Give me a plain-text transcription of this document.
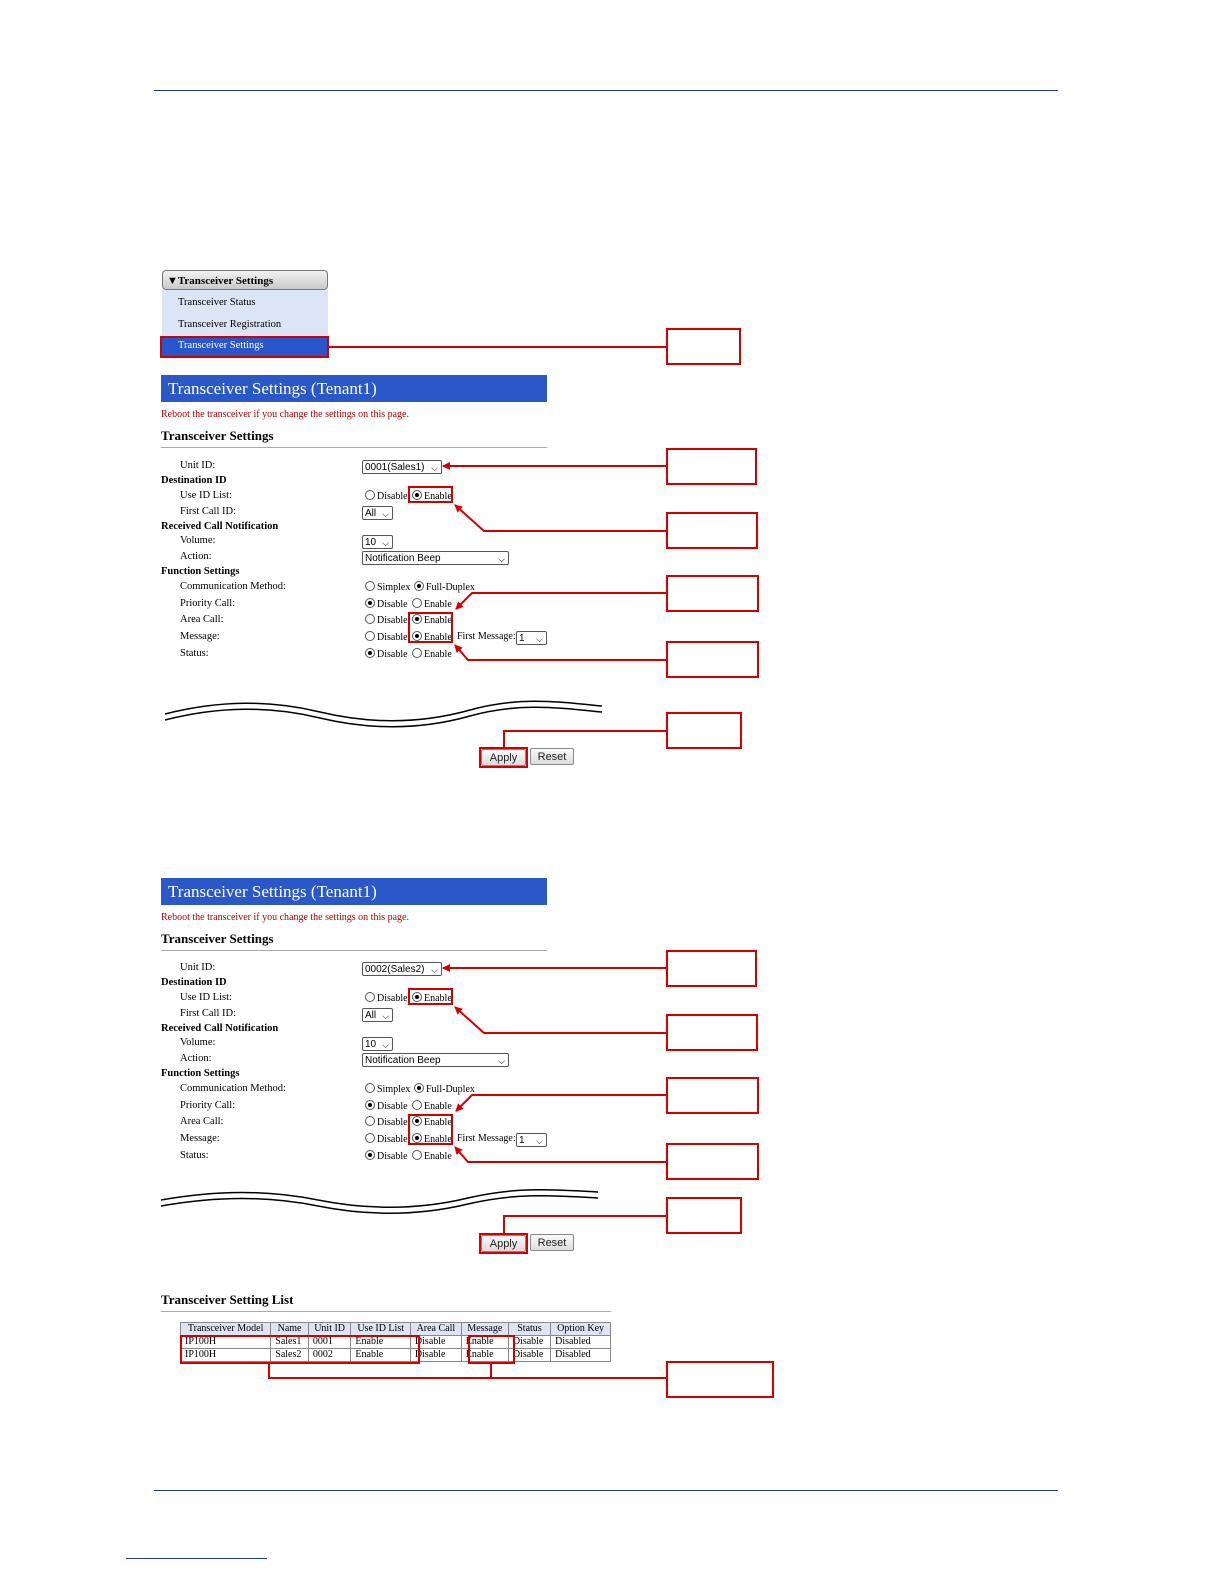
▼Transceiver Settings
Transceiver Status
Transceiver Registration
Transceiver Settings
Transceiver Settings (Tenant1)
Reboot the transceiver if you change the settings on this page.
Transceiver Settings
Unit ID:	0001(Sales1) ⌵
Destination ID
Use ID List:	Disable	Enable
First Call ID:	All ⌵
Received Call Notification
Volume:	10 ⌵
Action:	Notification Beep	⌵
Function Settings
Communication Method:	Simplex	Full-Duplex
Priority Call:	Disable	Enable
Area Call:	Disable	Enable
Message:	Disable	Enable First Message: 1 ⌵
Status:	Disable	Enable
Apply	Reset
Transceiver Settings (Tenant1)
Reboot the transceiver if you change the settings on this page.
Transceiver Settings
Unit ID:	0002(Sales2) ⌵
Destination ID
Use ID List:	Disable	Enable
First Call ID:	All ⌵
Received Call Notification
Volume:	10 ⌵
Action:	Notification Beep	⌵
Function Settings
Communication Method:	Simplex	Full-Duplex
Priority Call:	Disable	Enable
Area Call:	Disable	Enable
Message:	Disable	Enable First Message: 1 ⌵
Status:	Disable	Enable
Apply	Reset
Transceiver Setting List
Transceiver Model	Name	Unit ID	Use ID List	Area Call	Message	Status	Option Key
IP100H	Sales1	0001	Enable	Disable	Enable	Disable	Disabled
IP100H	Sales2	0002	Enable	Disable	Enable	Disable	Disabled
